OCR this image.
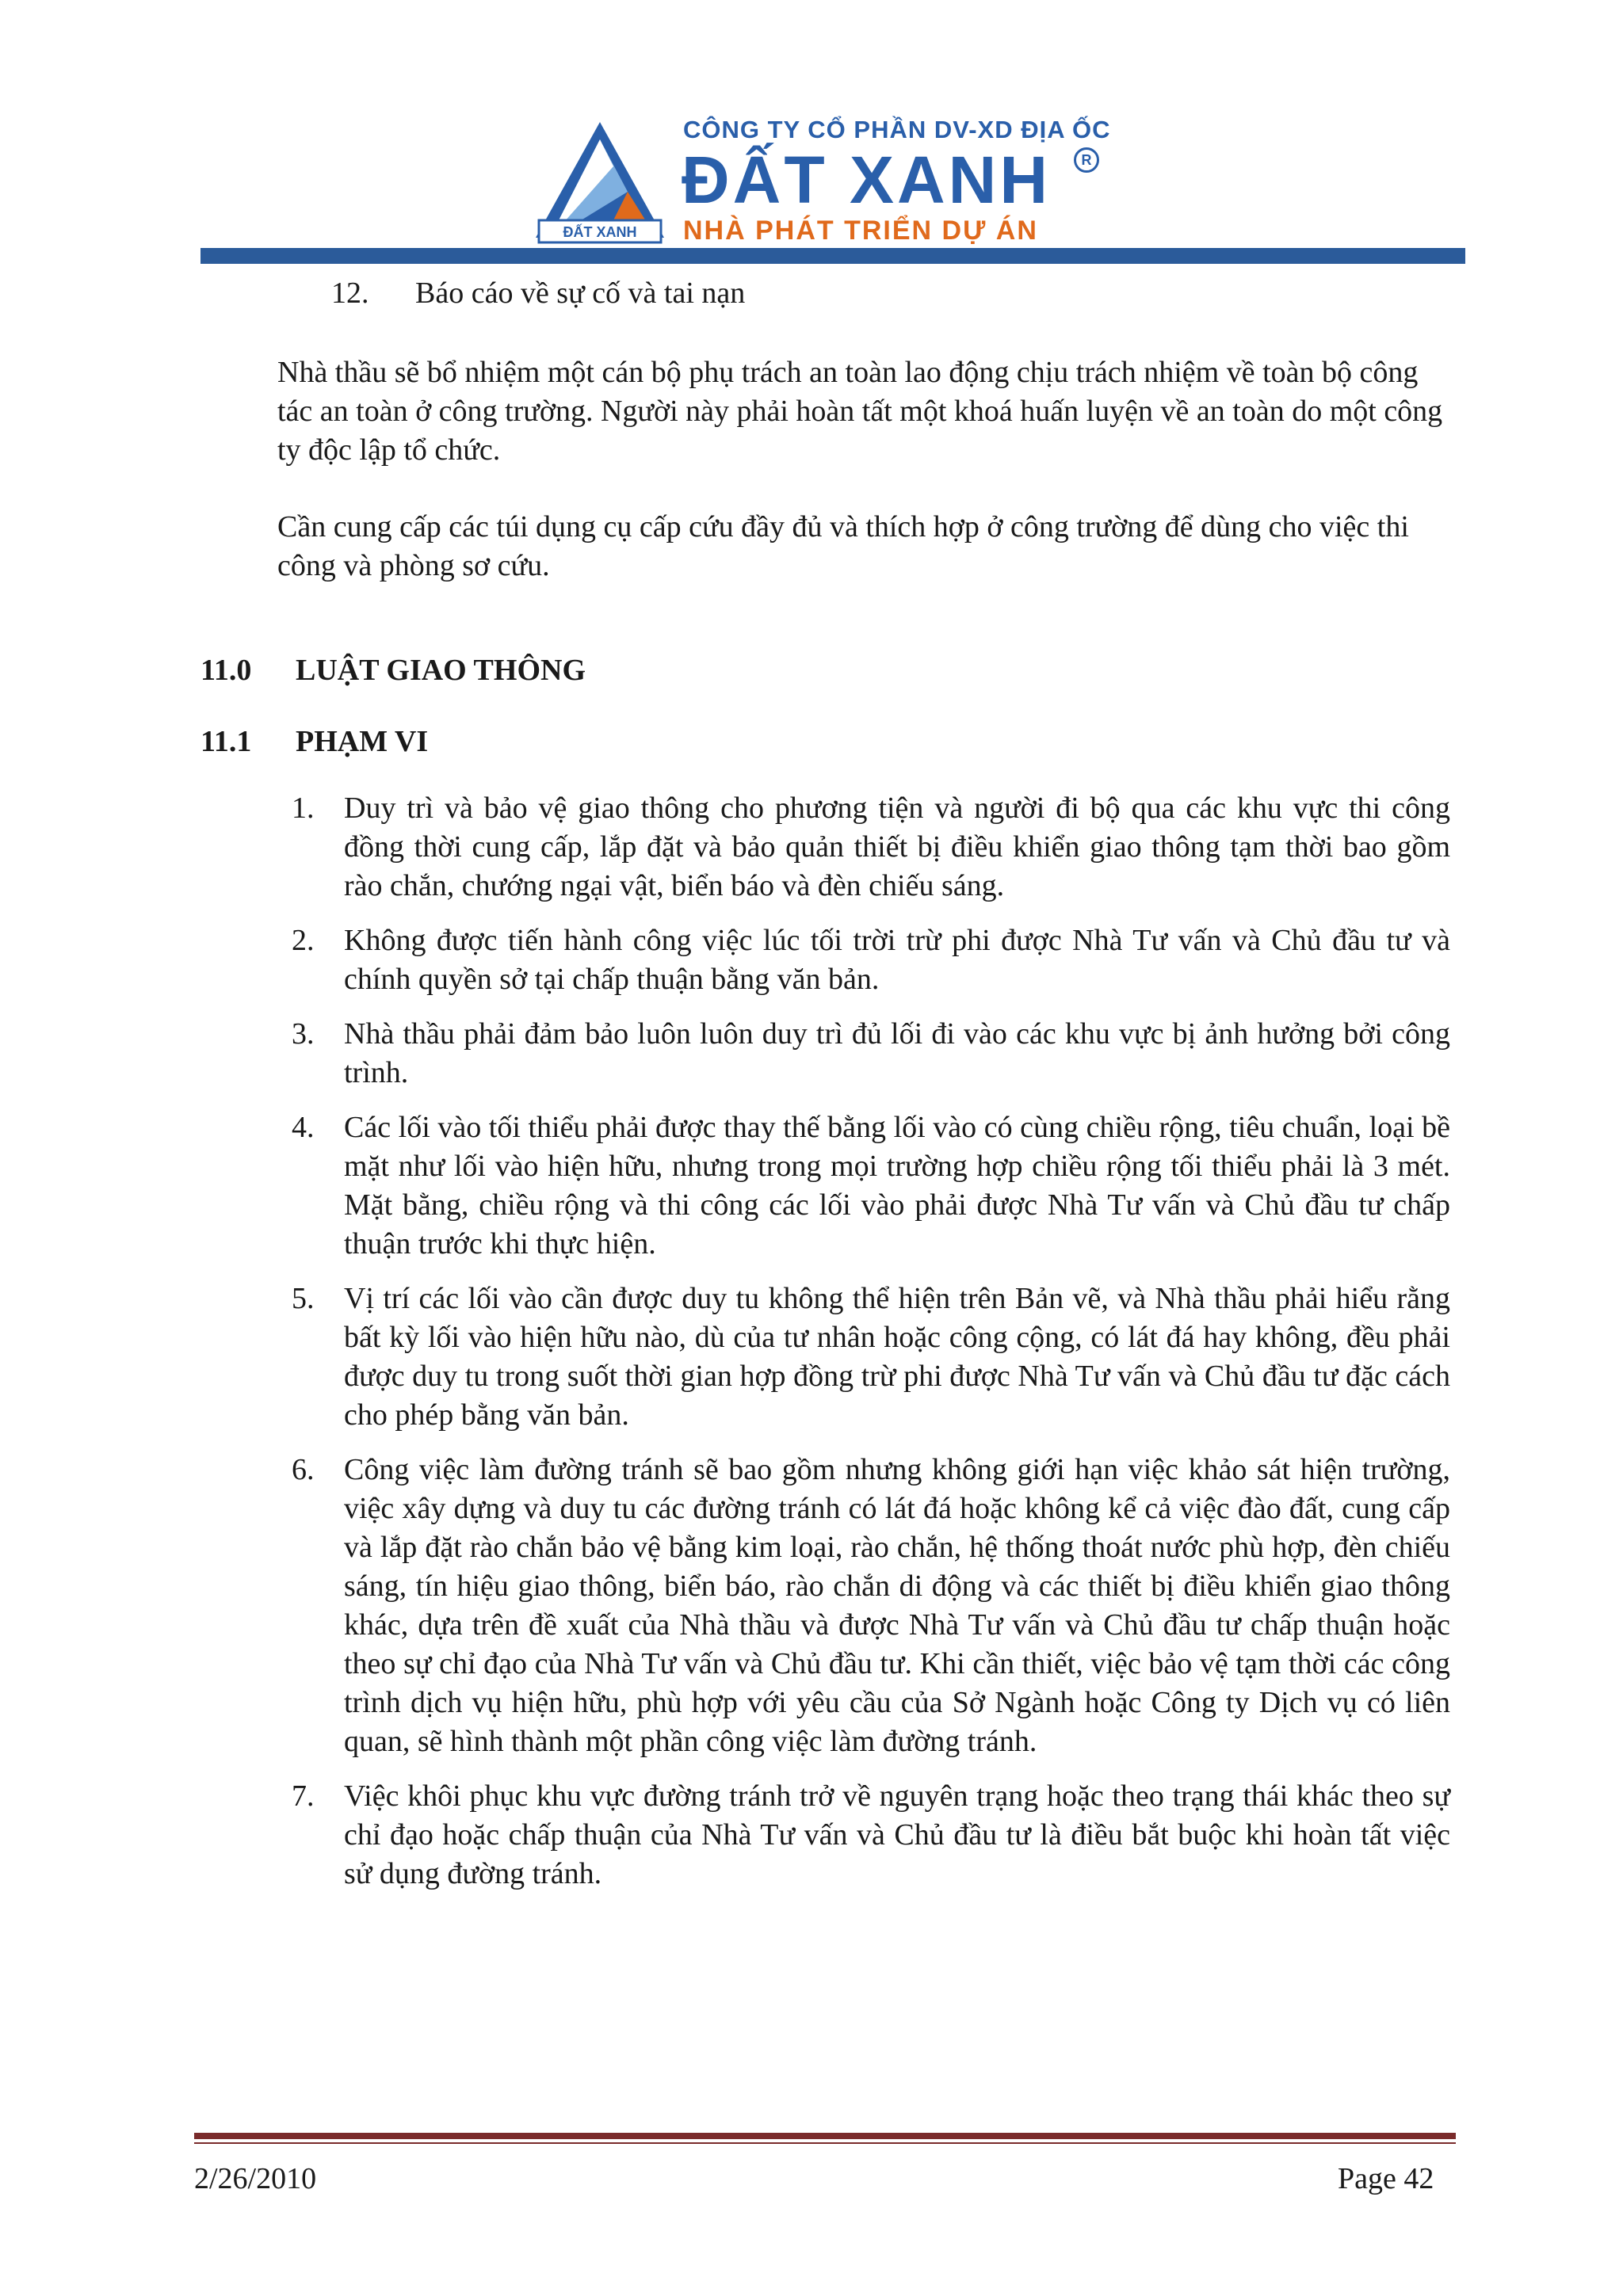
ĐẤT XANH
CÔNG TY CỔ PHẦN DV-XD ĐỊA ỐC
ĐẤT XANH	R
NHÀ PHÁT TRIỂN DỰ ÁN
12. Báo cáo về sự cố và tai nạn

Nhà thầu sẽ bổ nhiệm một cán bộ phụ trách an toàn lao động chịu trách nhiệm về toàn bộ công tác an toàn ở công trường. Người này phải hoàn tất một khoá huấn luyện về an toàn do một công ty độc lập tổ chức.

Cần cung cấp các túi dụng cụ cấp cứu đầy đủ và thích hợp ở công trường để dùng cho việc thi công và phòng sơ cứu.

11.0 LUẬT GIAO THÔNG
11.1 PHẠM VI
1. Duy trì và bảo vệ giao thông cho phương tiện và người đi bộ qua các khu vực thi công đồng thời cung cấp, lắp đặt và bảo quản thiết bị điều khiển giao thông tạm thời bao gồm rào chắn, chướng ngại vật, biển báo và đèn chiếu sáng.
2. Không được tiến hành công việc lúc tối trời trừ phi được Nhà Tư vấn và Chủ đầu tư và chính quyền sở tại chấp thuận bằng văn bản.
3. Nhà thầu phải đảm bảo luôn luôn duy trì đủ lối đi vào các khu vực bị ảnh hưởng bởi công trình.
4. Các lối vào tối thiểu phải được thay thế bằng lối vào có cùng chiều rộng, tiêu chuẩn, loại bề mặt như lối vào hiện hữu, nhưng trong mọi trường hợp chiều rộng tối thiểu phải là 3 mét. Mặt bằng, chiều rộng và thi công các lối vào phải được Nhà Tư vấn và Chủ đầu tư chấp thuận trước khi thực hiện.
5. Vị trí các lối vào cần được duy tu không thể hiện trên Bản vẽ, và Nhà thầu phải hiểu rằng bất kỳ lối vào hiện hữu nào, dù của tư nhân hoặc công cộng, có lát đá hay không, đều phải được duy tu trong suốt thời gian hợp đồng trừ phi được Nhà Tư vấn và Chủ đầu tư đặc cách cho phép bằng văn bản.
6. Công việc làm đường tránh sẽ bao gồm nhưng không giới hạn việc khảo sát hiện trường, việc xây dựng và duy tu các đường tránh có lát đá hoặc không kể cả việc đào đất, cung cấp và lắp đặt rào chắn bảo vệ bằng kim loại, rào chắn, hệ thống thoát nước phù hợp, đèn chiếu sáng, tín hiệu giao thông, biển báo, rào chắn di động và các thiết bị điều khiển giao thông khác, dựa trên đề xuất của Nhà thầu và được Nhà Tư vấn và Chủ đầu tư chấp thuận hoặc theo sự chỉ đạo của Nhà Tư vấn và Chủ đầu tư. Khi cần thiết, việc bảo vệ tạm thời các công trình dịch vụ hiện hữu, phù hợp với yêu cầu của Sở Ngành hoặc Công ty Dịch vụ có liên quan, sẽ hình thành một phần công việc làm đường tránh.
7. Việc khôi phục khu vực đường tránh trở về nguyên trạng hoặc theo trạng thái khác theo sự chỉ đạo hoặc chấp thuận của Nhà Tư vấn và Chủ đầu tư là điều bắt buộc khi hoàn tất việc sử dụng đường tránh.
2/26/2010	Page 42
